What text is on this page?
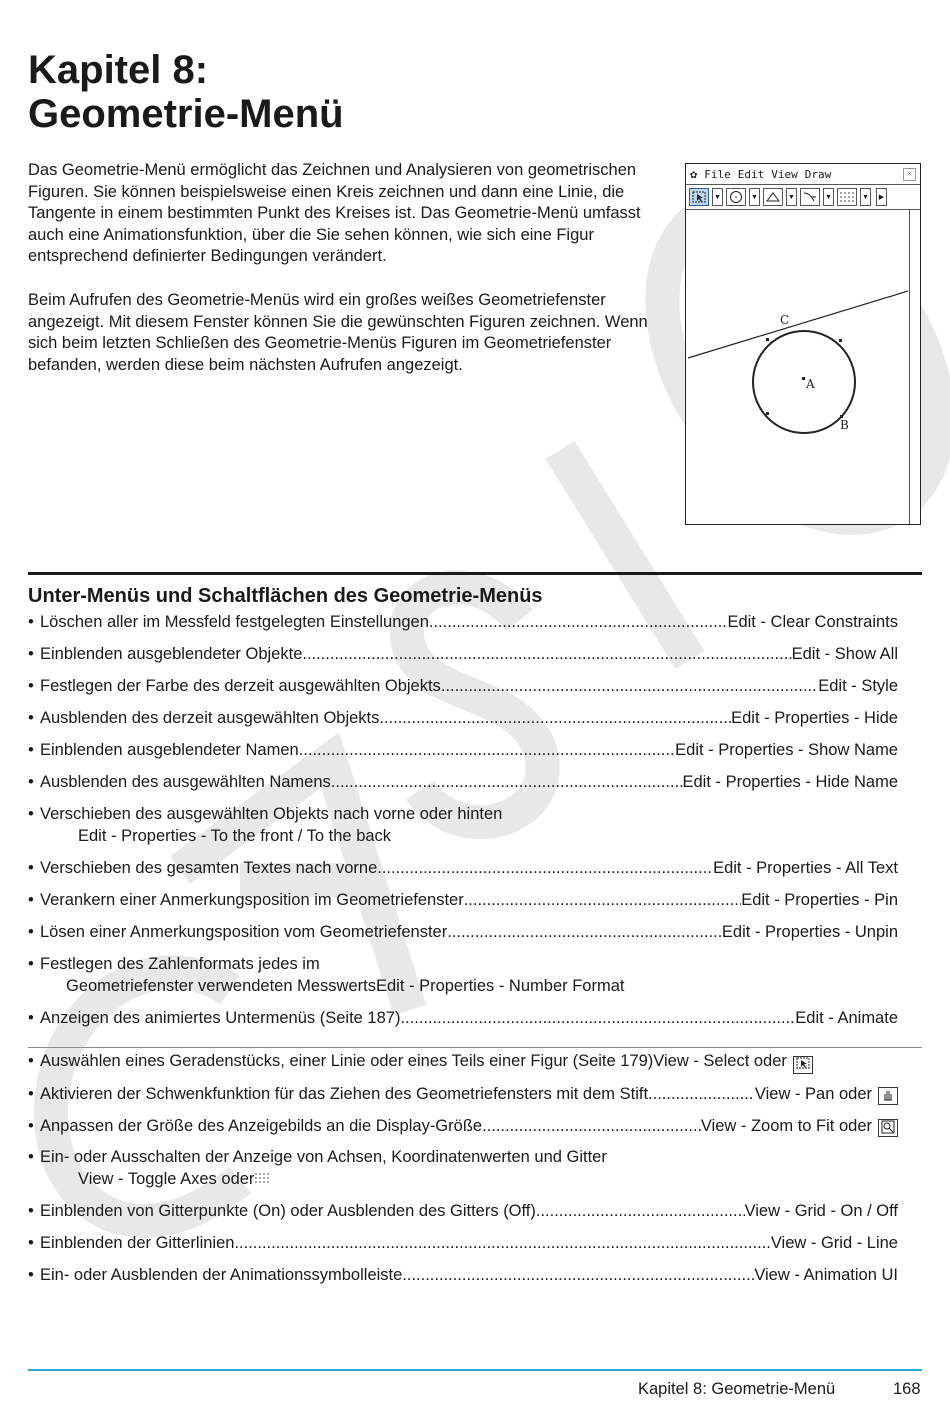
Kapitel 8:
Geometrie-Menü

Das Geometrie-Menü ermöglicht das Zeichnen und Analysieren von geometrischen Figuren. Sie können beispielsweise einen Kreis zeichnen und dann eine Linie, die Tangente in einem bestimmten Punkt des Kreises ist. Das Geometrie-Menü umfasst auch eine Animationsfunktion, über die Sie sehen können, wie sich eine Figur entsprechend definierter Bedingungen verändert.

Beim Aufrufen des Geometrie-Menüs wird ein großes weißes Geometriefenster angezeigt. Mit diesem Fenster können Sie die gewünschten Figuren zeichnen. Wenn sich beim letzten Schließen des Geometrie-Menüs Figuren im Geometriefenster befanden, werden diese beim nächsten Aufrufen angezeigt.

✿ File Edit View Draw	✕
▼	▼	▼	▼	▼	▶
A
B
C
Unter-Menüs und Schaltflächen des Geometrie-Menüs
• Löschen aller im Messfeld festgelegten Einstellungen .....	Edit - Clear Constraints
• Einblenden ausgeblendeter Objekte .....	Edit - Show All
• Festlegen der Farbe des derzeit ausgewählten Objekts .....	Edit - Style
• Ausblenden des derzeit ausgewählten Objekts .....	Edit - Properties - Hide
• Einblenden ausgeblendeter Namen .....	Edit - Properties - Show Name
• Ausblenden des ausgewählten Namens .....	Edit - Properties - Hide Name
• Verschieben des ausgewählten Objekts nach vorne oder hinten
Edit - Properties - To the front / To the back
• Verschieben des gesamten Textes nach vorne .....	Edit - Properties - All Text
• Verankern einer Anmerkungsposition im Geometriefenster .....	Edit - Properties - Pin
• Lösen einer Anmerkungsposition vom Geometriefenster .....	Edit - Properties - Unpin
• Festlegen des Zahlenformats jedes im
Geometriefenster verwendeten Messwerts Edit - Properties - Number Format
• Anzeigen des animiertes Untermenüs (Seite 187) .....	Edit - Animate
• Auswählen eines Geradenstücks, einer Linie oder eines Teils einer Figur (Seite 179) View - Select oder
• Aktivieren der Schwenkfunktion für das Ziehen des Geometriefensters mit dem Stift .....	View - Pan oder
• Anpassen der Größe des Anzeigebilds an die Display-Größe .....	View - Zoom to Fit oder
• Ein- oder Ausschalten der Anzeige von Achsen, Koordinatenwerten und Gitter
View - Toggle Axes oder
• Einblenden von Gitterpunkte (On) oder Ausblenden des Gitters (Off) .....	View - Grid - On / Off
• Einblenden der Gitterlinien .....	View - Grid - Line
• Ein- oder Ausblenden der Animationssymbolleiste .....	View - Animation UI
Kapitel 8: Geometrie-Menü	168
